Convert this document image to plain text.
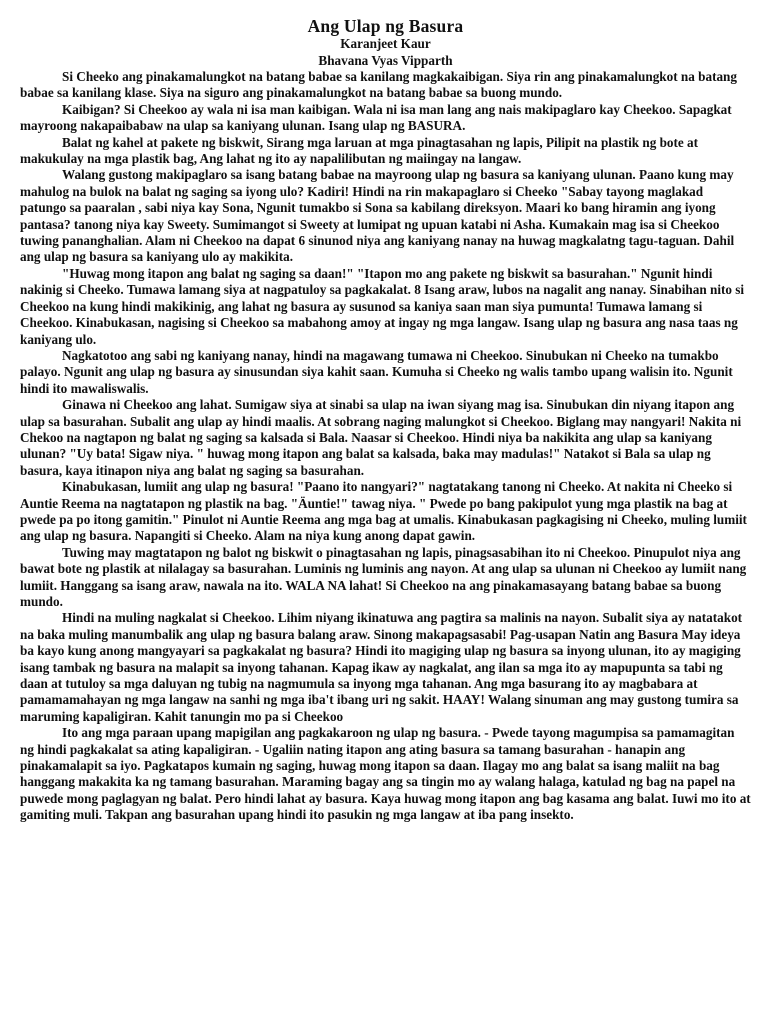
Ang Ulap ng Basura
Karanjeet Kaur
Bhavana Vyas Vipparth

Si Cheeko ang pinakamalungkot na batang babae sa kanilang magkakaibigan. Siya rin ang pinakamalungkot na batang babae sa kanilang klase. Siya na siguro ang pinakamalungkot na batang babae sa buong mundo.

Kaibigan? Si Cheekoo ay wala ni isa man kaibigan. Wala ni isa man lang ang nais makipaglaro kay Cheekoo. Sapagkat mayroong nakapaibabaw na ulap sa kaniyang ulunan. Isang ulap ng BASURA.

Balat ng kahel at pakete ng biskwit, Sirang mga laruan at mga pinagtasahan ng lapis, Pilipit na plastik ng bote at makukulay na mga plastik bag, Ang lahat ng ito ay napalilibutan ng maiingay na langaw.

Walang gustong makipaglaro sa isang batang babae na mayroong ulap ng basura sa kaniyang ulunan. Paano kung may mahulog na bulok na balat ng saging sa iyong ulo? Kadiri! Hindi na rin makapaglaro si Cheeko "Sabay tayong maglakad patungo sa paaralan , sabi niya kay Sona, Ngunit tumakbo si Sona sa kabilang direksyon. Maari ko bang hiramin ang iyong pantasa? tanong niya kay Sweety. Sumimangot si Sweety at lumipat ng upuan katabi ni Asha. Kumakain mag isa si Cheekoo tuwing pananghalian. Alam ni Cheekoo na dapat 6 sinunod niya ang kaniyang nanay na huwag magkalatng tagu-taguan. Dahil ang ulap ng basura sa kaniyang ulo ay makikita.

"Huwag mong itapon ang balat ng saging sa daan!" "Itapon mo ang pakete ng biskwit sa basurahan." Ngunit hindi nakinig si Cheeko. Tumawa lamang siya at nagpatuloy sa pagkakalat. 8 Isang araw, lubos na nagalit ang nanay. Sinabihan nito si Cheekoo na kung hindi makikinig, ang lahat ng basura ay susunod sa kaniya saan man siya pumunta! Tumawa lamang si Cheekoo. Kinabukasan, nagising si Cheekoo sa mabahong amoy at ingay ng mga langaw. Isang ulap ng basura ang nasa taas ng kaniyang ulo.

Nagkatotoo ang sabi ng kaniyang nanay, hindi na magawang tumawa ni Cheekoo. Sinubukan ni Cheeko na tumakbo palayo. Ngunit ang ulap ng basura ay sinusundan siya kahit saan. Kumuha si Cheeko ng walis tambo upang walisin ito. Ngunit hindi ito mawaliswalis.

Ginawa ni Cheekoo ang lahat. Sumigaw siya at sinabi sa ulap na iwan siyang mag isa. Sinubukan din niyang itapon ang ulap sa basurahan. Subalit ang ulap ay hindi maalis. At sobrang naging malungkot si Cheekoo. Biglang may nangyari! Nakita ni Chekoo na nagtapon ng balat ng saging sa kalsada si Bala. Naasar si Cheekoo. Hindi niya ba nakikita ang ulap sa kaniyang ulunan? "Uy bata! Sigaw niya. " huwag mong itapon ang balat sa kalsada, baka may madulas!" Natakot si Bala sa ulap ng basura, kaya itinapon niya ang balat ng saging sa basurahan.

Kinabukasan, lumiit ang ulap ng basura! "Paano ito nangyari?" nagtatakang tanong ni Cheeko. At nakita ni Cheeko si Auntie Reema na nagtatapon ng plastik na bag. "Äuntie!" tawag niya. " Pwede po bang pakipulot yung mga plastik na bag at pwede pa po itong gamitin." Pinulot ni Auntie Reema ang mga bag at umalis. Kinabukasan pagkagising ni Cheeko, muling lumiit ang ulap ng basura. Napangiti si Cheeko. Alam na niya kung anong dapat gawin.

Tuwing may magtatapon ng balot ng biskwit o pinagtasahan ng lapis, pinagsasabihan ito ni Cheekoo. Pinupulot niya ang bawat bote ng plastik at nilalagay sa basurahan. Luminis ng luminis ang nayon. At ang ulap sa ulunan ni Cheekoo ay lumiit nang lumiit. Hanggang sa isang araw, nawala na ito. WALA NA lahat! Si Cheekoo na ang pinakamasayang batang babae sa buong mundo.

Hindi na muling nagkalat si Cheekoo. Lihim niyang ikinatuwa ang pagtira sa malinis na nayon. Subalit siya ay natatakot na baka muling manumbalik ang ulap ng basura balang araw. Sinong makapagsasabi! Pag-usapan Natin ang Basura May ideya ba kayo kung anong mangyayari sa pagkakalat ng basura? Hindi ito magiging ulap ng basura sa inyong ulunan, ito ay magiging isang tambak ng basura na malapit sa inyong tahanan. Kapag ikaw ay nagkalat, ang ilan sa mga ito ay mapupunta sa tabi ng daan at tutuloy sa mga daluyan ng tubig na nagmumula sa inyong mga tahanan. Ang mga basurang ito ay magbabara at pamamamahayan ng mga langaw na sanhi ng mga iba't ibang uri ng sakit. HAAY! Walang sinuman ang may gustong tumira sa maruming kapaligiran. Kahit tanungin mo pa si Cheekoo

Ito ang mga paraan upang mapigilan ang pagkakaroon ng ulap ng basura. - Pwede tayong magumpisa sa pamamagitan ng hindi pagkakalat sa ating kapaligiran. - Ugaliin nating itapon ang ating basura sa tamang basurahan - hanapin ang pinakamalapit sa iyo. Pagkatapos kumain ng saging, huwag mong itapon sa daan. Ilagay mo ang balat sa isang maliit na bag hanggang makakita ka ng tamang basurahan. Maraming bagay ang sa tingin mo ay walang halaga, katulad ng bag na papel na puwede mong paglagyan ng balat. Pero hindi lahat ay basura. Kaya huwag mong itapon ang bag kasama ang balat. Iuwi mo ito at gamiting muli. Takpan ang basurahan upang hindi ito pasukin ng mga langaw at iba pang insekto.
